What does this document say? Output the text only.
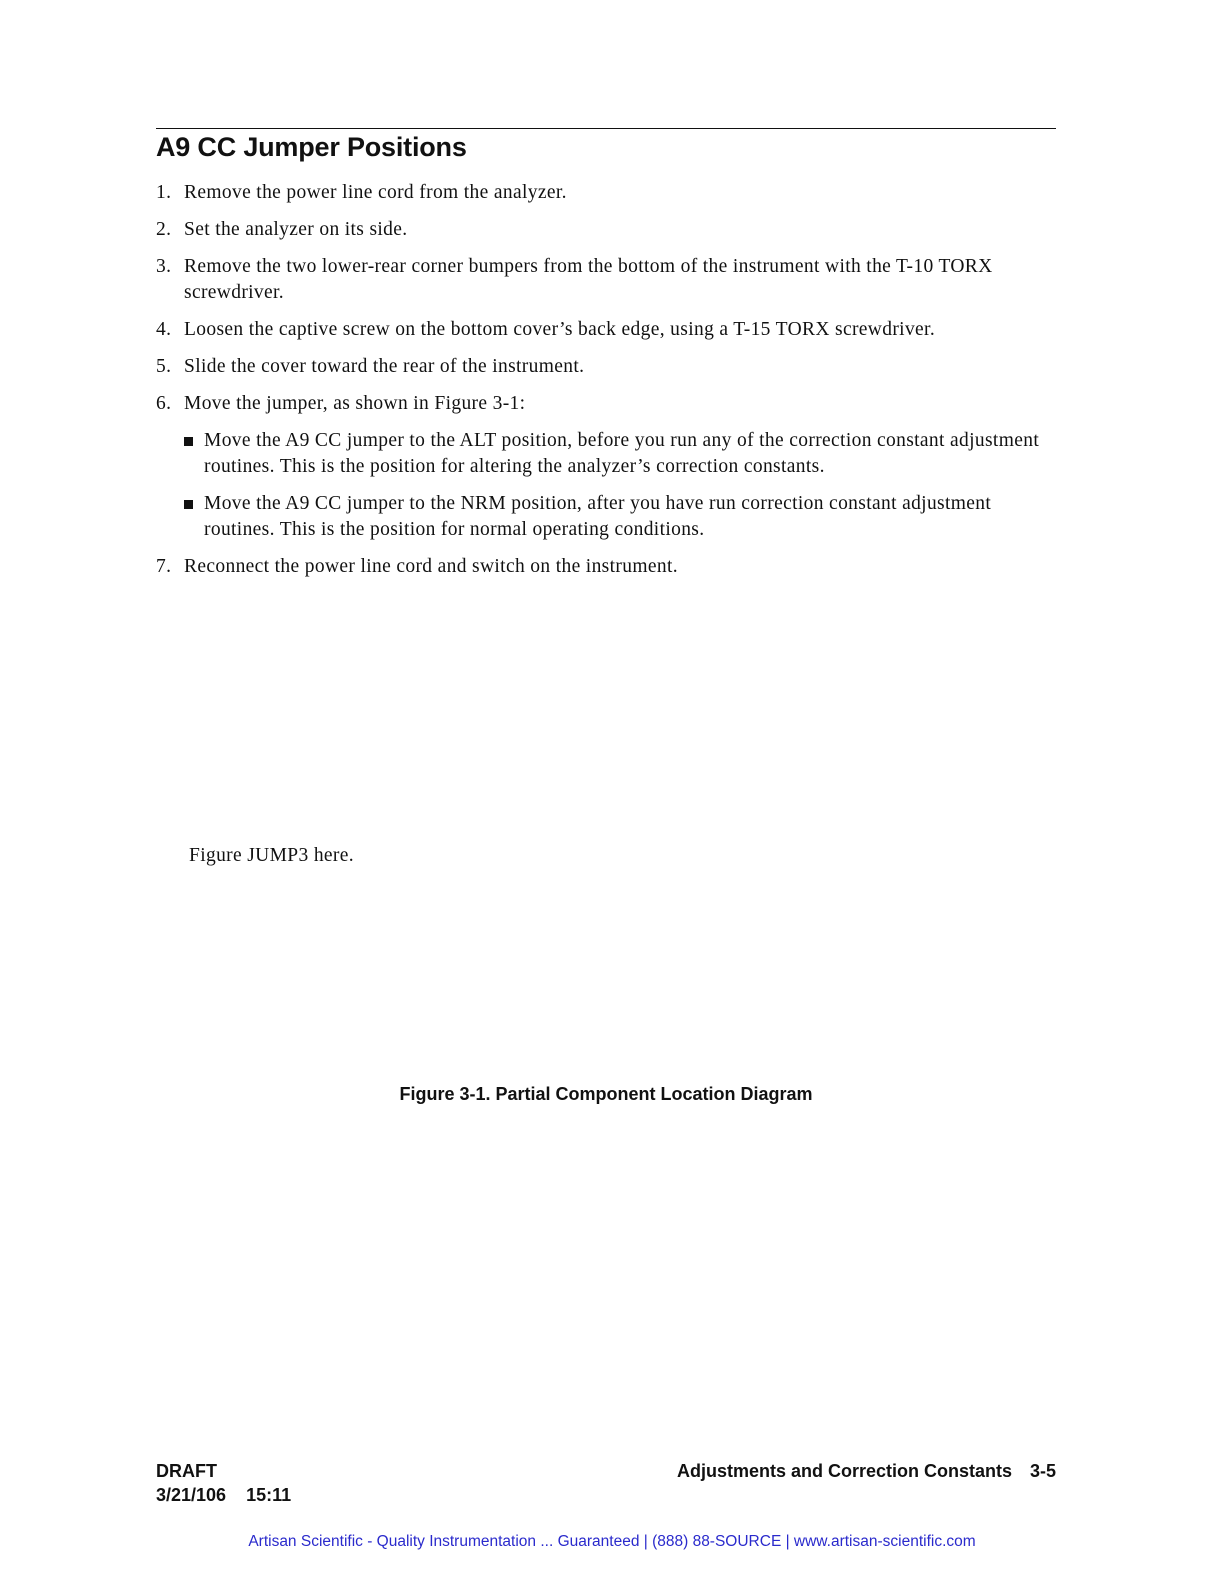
A9 CC Jumper Positions
1. Remove the power line cord from the analyzer.
2. Set the analyzer on its side.
3. Remove the two lower-rear corner bumpers from the bottom of the instrument with the T-10 TORX screwdriver.
4. Loosen the captive screw on the bottom cover’s back edge, using a T-15 TORX screwdriver.
5. Slide the cover toward the rear of the instrument.
6. Move the jumper, as shown in Figure 3-1:
Move the A9 CC jumper to the ALT position, before you run any of the correction constant adjustment routines. This is the position for altering the analyzer’s correction constants.
Move the A9 CC jumper to the NRM position, after you have run correction constant adjustment routines. This is the position for normal operating conditions.
7. Reconnect the power line cord and switch on the instrument.

Figure JUMP3 here.

Figure 3-1. Partial Component Location Diagram

DRAFT
3/21/106 15:11
Adjustments and Correction Constants 3-5
Artisan Scientific - Quality Instrumentation ... Guaranteed | (888) 88-SOURCE | www.artisan-scientific.com
